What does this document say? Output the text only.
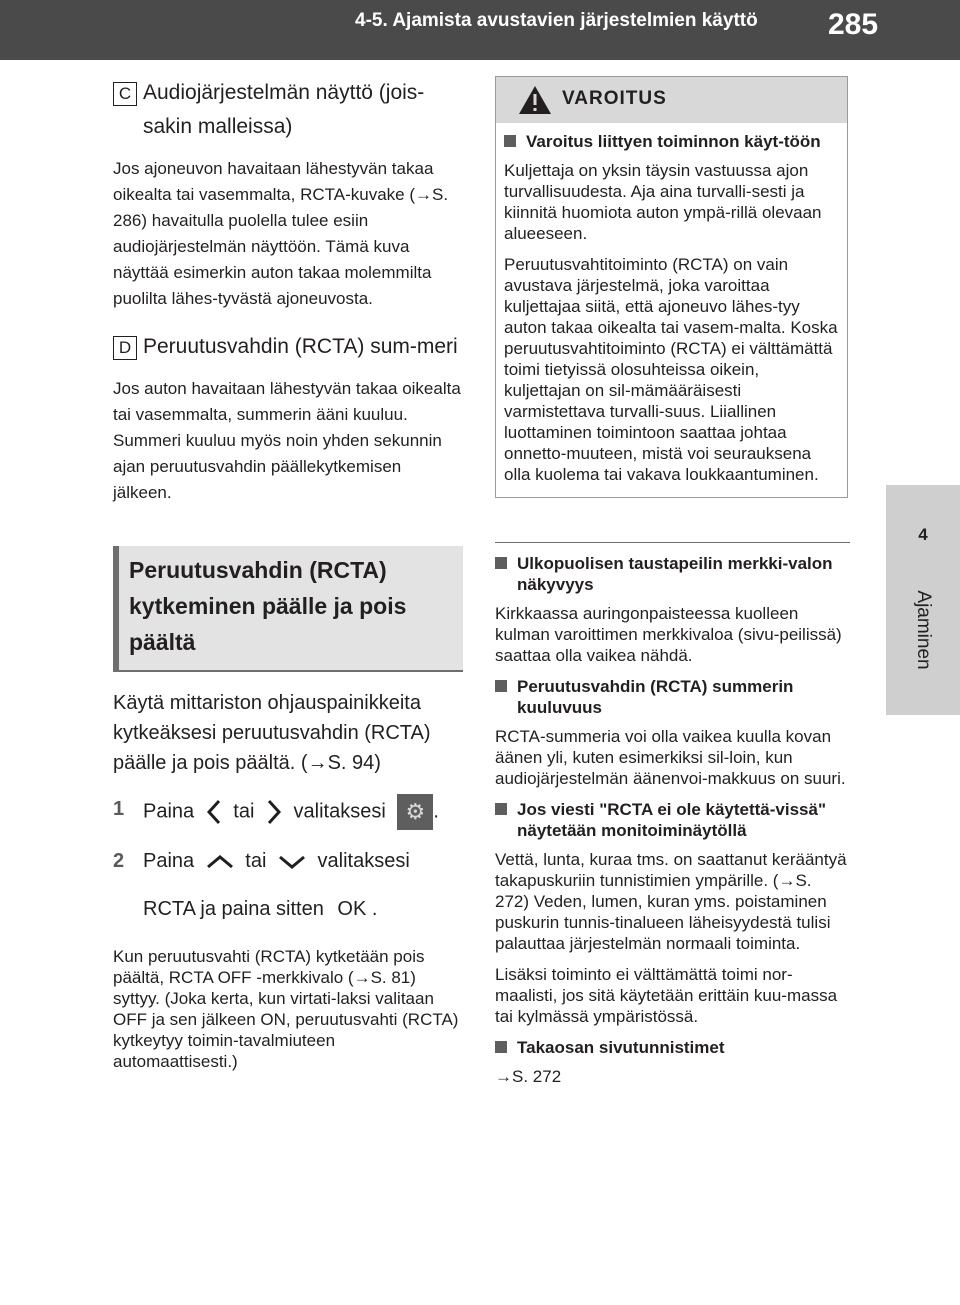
4-5. Ajamista avustavien järjestelmien käyttö 285
4
Ajaminen
C Audiojärjestelmän näyttö (jois-sakin malleissa)
Jos ajoneuvon havaitaan lähestyvän takaa oikealta tai vasemmalta, RCTA-kuvake (→S. 286) havaitulla puolella tulee esiin audiojärjestelmän näyttöön. Tämä kuva näyttää esimerkin auton takaa molemmilta puolilta lähes-tyvästä ajoneuvosta.
D Peruutusvahdin (RCTA) sum-meri
Jos auton havaitaan lähestyvän takaa oikealta tai vasemmalta, summerin ääni kuuluu. Summeri kuuluu myös noin yhden sekunnin ajan peruutusvahdin päällekytkemisen jälkeen.
Peruutusvahdin (RCTA) kytkeminen päälle ja pois päältä
Käytä mittariston ohjauspainikkeita kytkeäksesi peruutusvahdin (RCTA) päälle ja pois päältä. (→S. 94)
1 Paina tai valitaksesi ⚙ .
2 Paina	tai	valitaksesi
RCTA ja paina sitten OK .
Kun peruutusvahti (RCTA) kytketään pois päältä, RCTA OFF -merkkivalo (→S. 81) syttyy. (Joka kerta, kun virtati-laksi valitaan OFF ja sen jälkeen ON, peruutusvahti (RCTA) kytkeytyy toimin-tavalmiuteen automaattisesti.)
VAROITUS
Varoitus liittyen toiminnon käyt-töön
Kuljettaja on yksin täysin vastuussa ajon turvallisuudesta. Aja aina turvalli-sesti ja kiinnitä huomiota auton ympä-rillä olevaan alueeseen.
Peruutusvahtitoiminto (RCTA) on vain avustava järjestelmä, joka varoittaa kuljettajaa siitä, että ajoneuvo lähes-tyy auton takaa oikealta tai vasem-malta. Koska peruutusvahtitoiminto (RCTA) ei välttämättä toimi tietyissä olosuhteissa oikein, kuljettajan on sil-mämääräisesti varmistettava turvalli-suus. Liiallinen luottaminen toimintoon saattaa johtaa onnetto-muuteen, mistä voi seurauksena olla kuolema tai vakava loukkaantuminen.
Ulkopuolisen taustapeilin merkki-valon näkyvyys
Kirkkaassa auringonpaisteessa kuolleen kulman varoittimen merkkivaloa (sivu-peilissä) saattaa olla vaikea nähdä.
Peruutusvahdin (RCTA) summerin kuuluvuus
RCTA-summeria voi olla vaikea kuulla kovan äänen yli, kuten esimerkiksi sil-loin, kun audiojärjestelmän äänenvoi-makkuus on suuri.
Jos viesti "RCTA ei ole käytettä-vissä" näytetään monitoiminäytöllä
Vettä, lunta, kuraa tms. on saattanut kerääntyä takapuskuriin tunnistimien ympärille. (→S. 272) Veden, lumen, kuran yms. poistaminen puskurin tunnis-tinalueen läheisyydestä tulisi palauttaa järjestelmän normaali toiminta.
Lisäksi toiminto ei välttämättä toimi nor-maalisti, jos sitä käytetään erittäin kuu-massa tai kylmässä ympäristössä.
Takaosan sivutunnistimet
→S. 272
